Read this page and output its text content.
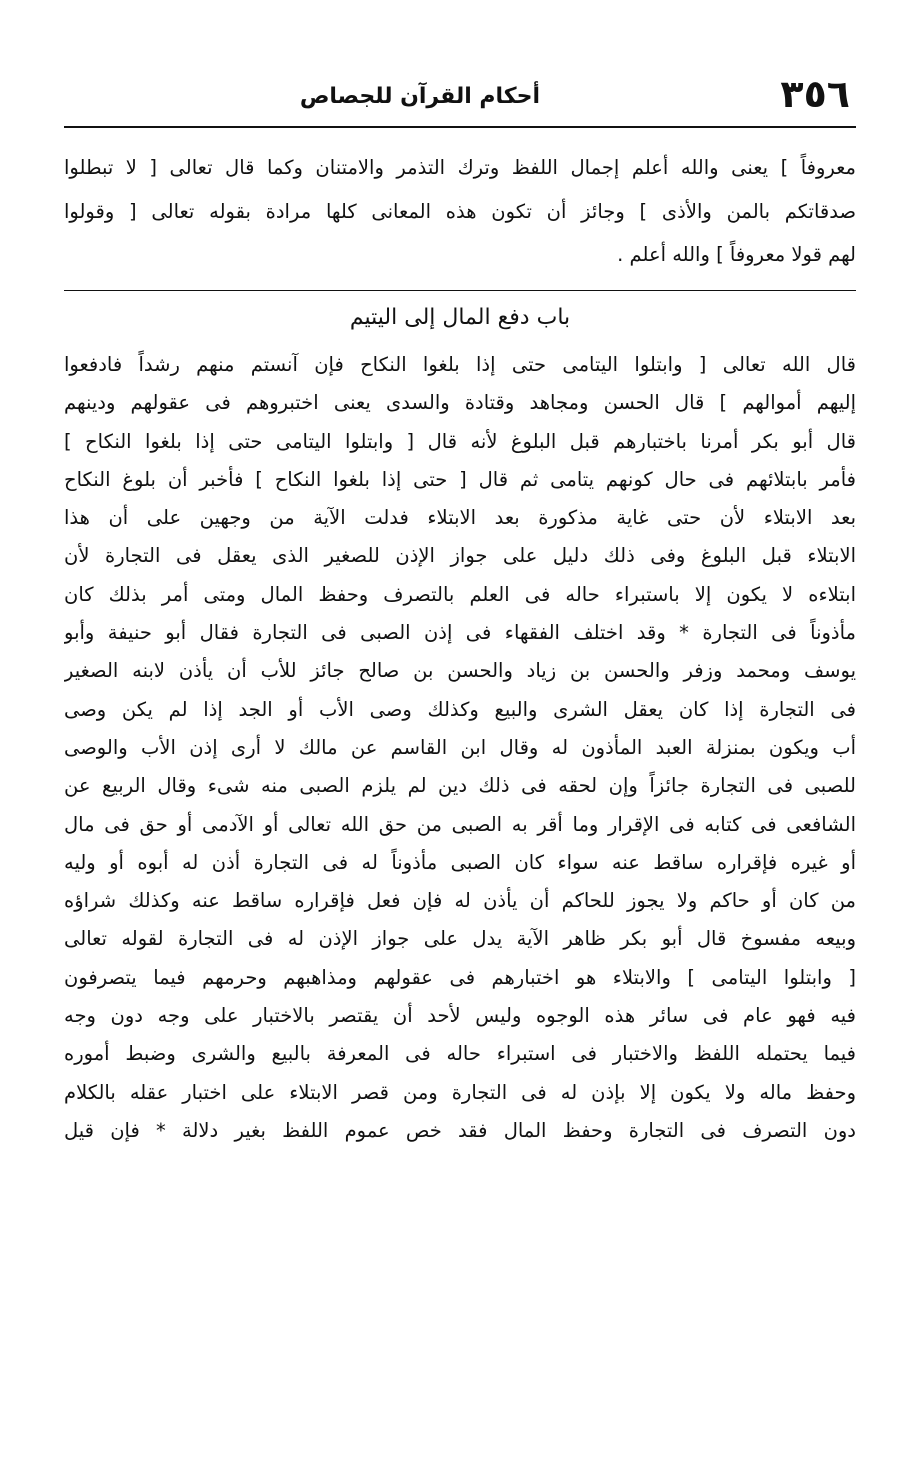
٣٥٦
أحكام القرآن للجصاص
معروفاً ] يعنى والله أعلم إجمال اللفظ وترك التذمر والامتنان وكما قال تعالى [ لا تبطلوا
صدقاتكم بالمن والأذى ] وجائز أن تكون هذه المعانى كلها مرادة بقوله تعالى [ وقولوا
لهم قولا معروفاً ] والله أعلم .
باب دفع المال إلى اليتيم
قال الله تعالى [ وابتلوا اليتامى حتى إذا بلغوا النكاح فإن آنستم منهم رشداً فادفعوا
إليهم أموالهم ] قال الحسن ومجاهد وقتادة والسدى يعنى اختبروهم فى عقولهم ودينهم
قال أبو بكر أمرنا باختبارهم قبل البلوغ لأنه قال [ وابتلوا اليتامى حتى إذا بلغوا النكاح ]
فأمر بابتلائهم فى حال كونهم يتامى ثم قال [ حتى إذا بلغوا النكاح ] فأخبر أن بلوغ النكاح
بعد الابتلاء لأن حتى غاية مذكورة بعد الابتلاء فدلت الآية من وجهين على أن هذا
الابتلاء قبل البلوغ وفى ذلك دليل على جواز الإذن للصغير الذى يعقل فى التجارة لأن
ابتلاءه لا يكون إلا باستبراء حاله فى العلم بالتصرف وحفظ المال ومتى أمر بذلك كان
مأذوناً فى التجارة * وقد اختلف الفقهاء فى إذن الصبى فى التجارة فقال أبو حنيفة وأبو
يوسف ومحمد وزفر والحسن بن زياد والحسن بن صالح جائز للأب أن يأذن لابنه الصغير
فى التجارة إذا كان يعقل الشرى والبيع وكذلك وصى الأب أو الجد إذا لم يكن وصى
أب ويكون بمنزلة العبد المأذون له وقال ابن القاسم عن مالك لا أرى إذن الأب والوصى
للصبى فى التجارة جائزاً وإن لحقه فى ذلك دين لم يلزم الصبى منه شىء وقال الربيع عن
الشافعى فى كتابه فى الإقرار وما أقر به الصبى من حق الله تعالى أو الآدمى أو حق فى مال
أو غيره فإقراره ساقط عنه سواء كان الصبى مأذوناً له فى التجارة أذن له أبوه أو وليه
من كان أو حاكم ولا يجوز للحاكم أن يأذن له فإن فعل فإقراره ساقط عنه وكذلك شراؤه
وبيعه مفسوخ قال أبو بكر ظاهر الآية يدل على جواز الإذن له فى التجارة لقوله تعالى
[ وابتلوا اليتامى ] والابتلاء هو اختبارهم فى عقولهم ومذاهبهم وحرمهم فيما يتصرفون
فيه فهو عام فى سائر هذه الوجوه وليس لأحد أن يقتصر بالاختبار على وجه دون وجه
فيما يحتمله اللفظ والاختبار فى استبراء حاله فى المعرفة بالبيع والشرى وضبط أموره
وحفظ ماله ولا يكون إلا بإذن له فى التجارة ومن قصر الابتلاء على اختبار عقله بالكلام
دون التصرف فى التجارة وحفظ المال فقد خص عموم اللفظ بغير دلالة * فإن قيل
